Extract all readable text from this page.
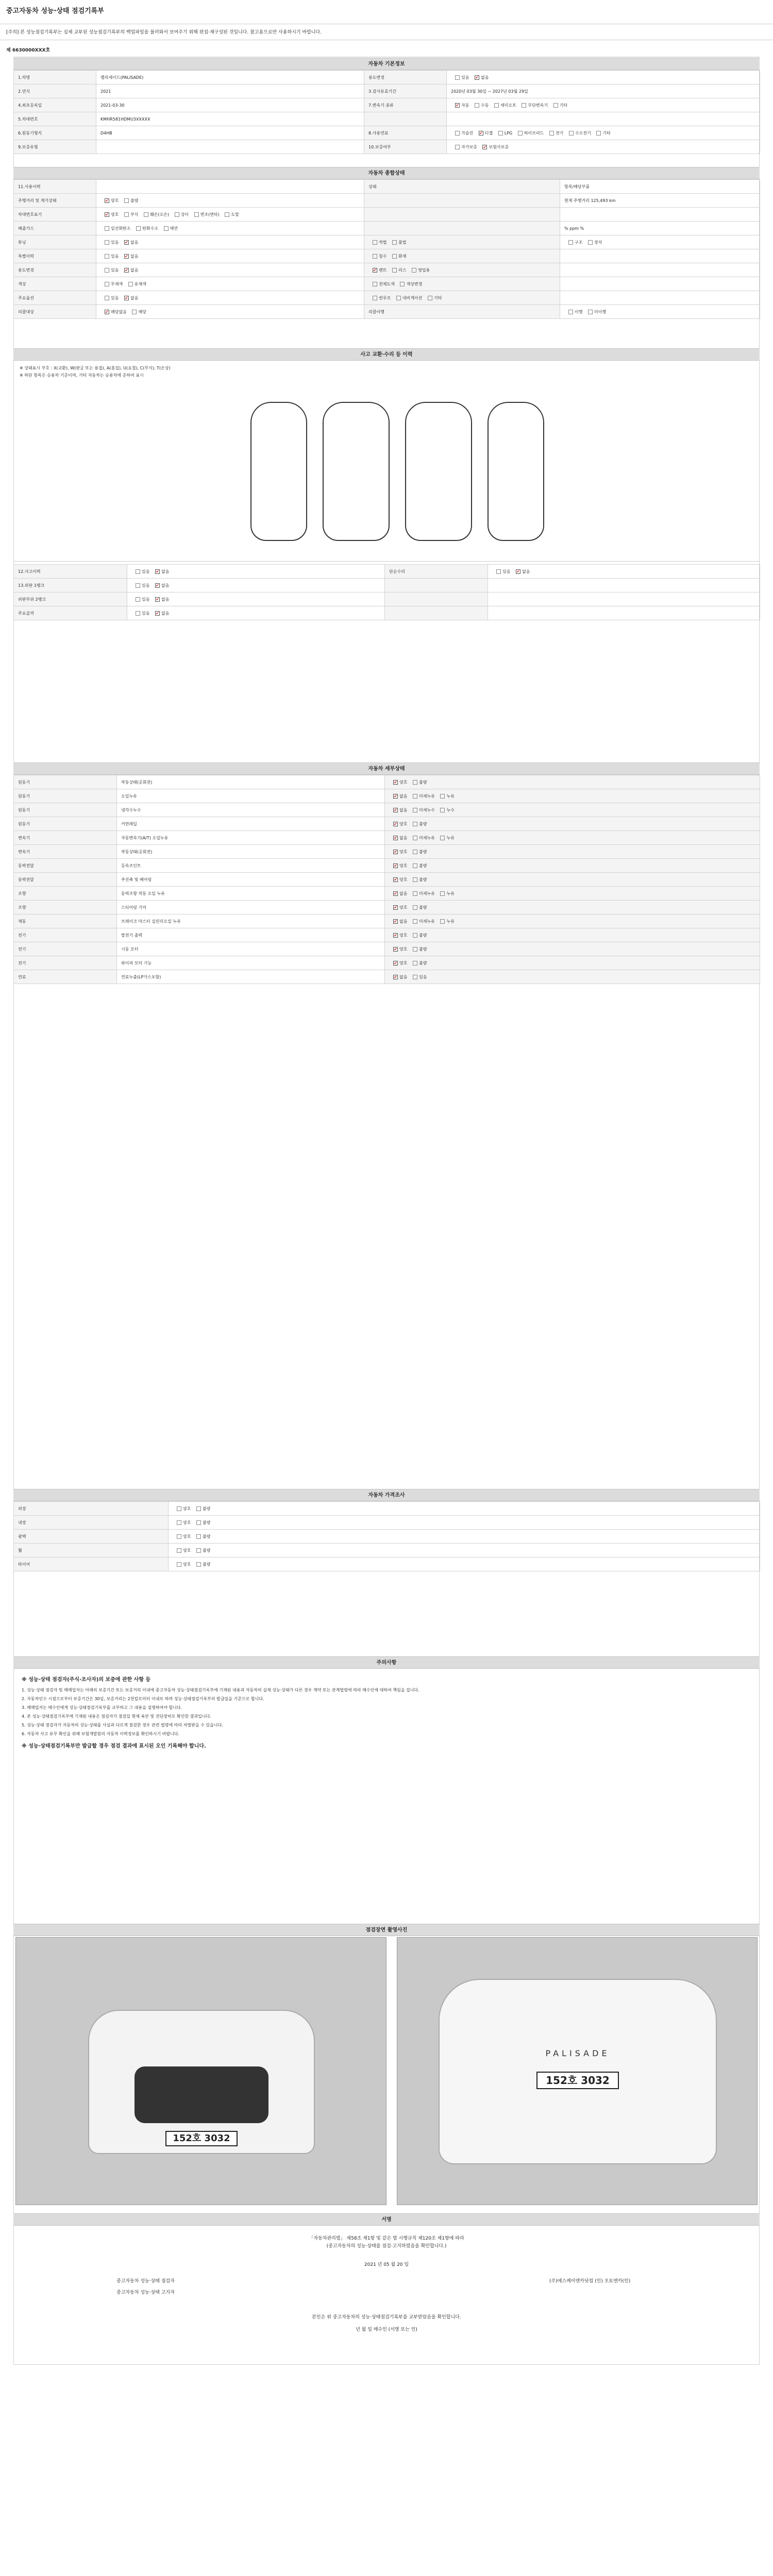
중고자동차 성능·상태 점검기록부
[주의] 본 성능점검기록부는 실제 교부된 성능점검기록부의 백업파일을 불러와서 보여주기 위해 편집·재구성된 것입니다. 참고용으로만 사용하시기 바랍니다.
제 6630000XXX호
자동차 기본정보
1.차명	팰리세이드(PALISADE)	용도변경	있음 ✔ 없음
2.연식	2021	3.검사유효기간	2020년 03월 30일 ~ 2027년 03월 29일
4.최초등록일	2021-03-30	7.변속기 종류	✔자동 수동 세미오토 무단변속기 기타
5.차대번호	KMHR581HDMU3XXXXX		
6.원동기형식	D4HB	8.사용연료	가솔린 ✔ 디젤 LPG 하이브리드 전기 수소전기 기타
9.보증유형		10.보증여부	자가보증 ✔ 보험사보증
자동차 종합상태
11.사용이력		상태	항목/해당부품
주행거리 및 계기상태	✔양호 불량		현재 주행거리 125,493 km
차대번호표기	✔양호 부식 훼손(오손) 상이 변조(변타) 도말		
배출가스	일산화탄소 탄화수소 매연		% ppm %
튜닝	있음 ✔ 없음	적법 불법	구조 장치
특별이력	있음 ✔ 없음	침수 화재	
용도변경	있음 ✔ 없음	✔렌트 리스 영업용	
색상	무채색 유채색	전체도색 색상변경	
주요옵션	있음 ✔ 없음	썬루프 네비게이션 기타	
리콜대상	✔해당없음 해당	리콜이행	이행 미이행
사고 교환·수리 등 이력
※ 상태표시 부호 : X(교환), W(판금 또는 용접), A(흠집), U(요철), C(부식), T(손상)
※ 하단 항목은 승용차 기준이며, 기타 자동차는 승용차에 준하여 표시
12.사고이력	있음 ✔ 없음	단순수리	있음 ✔ 없음
13.외판 1랭크	있음 ✔ 없음		
외판부위 2랭크	있음 ✔ 없음		
주요골격	있음 ✔ 없음		
자동차 세부상태
원동기	작동상태(공회전)	✔양호 불량
원동기	오일누유	✔없음 미세누유 누유
원동기	냉각수누수	✔없음 미세누수 누수
원동기	커먼레일	✔양호 불량
변속기	자동변속기(A/T) 오일누유	✔없음 미세누유 누유
변속기	작동상태(공회전)	✔양호 불량
동력전달	등속조인트	✔양호 불량
동력전달	추진축 및 베어링	✔양호 불량
조향	동력조향 작동 오일 누유	✔없음 미세누유 누유
조향	스티어링 기어	✔양호 불량
제동	브레이크 마스터 실린더오일 누유	✔없음 미세누유 누유
전기	발전기 출력	✔양호 불량
전기	시동 모터	✔양호 불량
전기	와이퍼 모터 기능	✔양호 불량
연료	연료누출(LP가스포함)	✔없음 있음
자동차 가격조사
외장	양호 불량
내장	양호 불량
광택	양호 불량
휠	양호 불량
타이어	양호 불량
주의사항
※ 성능·상태 점검자(주식·조사자)의 보증에 관한 사항 등
1. 성능·상태 점검자 및 매매업자는 아래의 보증기간 또는 보증거리 이내에 중고자동차 성능·상태점검기록부에 기재된 내용과 자동차의 실제 성능·상태가 다른 경우 계약 또는 관계법령에 따라 매수인에 대하여 책임을 집니다.
2. 자동차인수 시점으로부터 보증기간은 30일, 보증거리는 2천킬로미터 이내로 하며 성능·상태점검기록부의 발급일을 기준으로 합니다.
3. 매매업자는 매수인에게 성능·상태점검기록부를 교부하고 그 내용을 설명하여야 합니다.
4. 본 성능·상태점검기록부에 기재된 내용은 점검자가 점검일 현재 육안 및 진단장비로 확인한 결과입니다.
5. 성능·상태 점검자가 자동차의 성능·상태를 사실과 다르게 점검한 경우 관련 법령에 따라 처벌받을 수 있습니다.
6. 자동차 사고 유무 확인을 위해 보험개발원의 자동차 이력정보를 확인하시기 바랍니다.
※ 성능·상태점검기록부만 발급할 경우 점검 결과에 표시된 오인 기록해야 합니다.
점검장면 촬영사진
152호 3032
PALISADE
152호 3032
서명
「자동차관리법」 제58조 제1항 및 같은 법 시행규칙 제120조 제1항에 따라
(중고자동차의 성능·상태를 점검·고지하였음을 확인합니다.)
2021 년 05 월 20 일
중고자동차 성능·상태 점검자
중고자동차 성능·상태 고지자
(주)에스케이엔카닷컴 (인) 오토엔카(인)
본인은 위 중고자동차의 성능·상태점검기록부를 교부받았음을 확인합니다.
년 월 일 매수인 (서명 또는 인)
